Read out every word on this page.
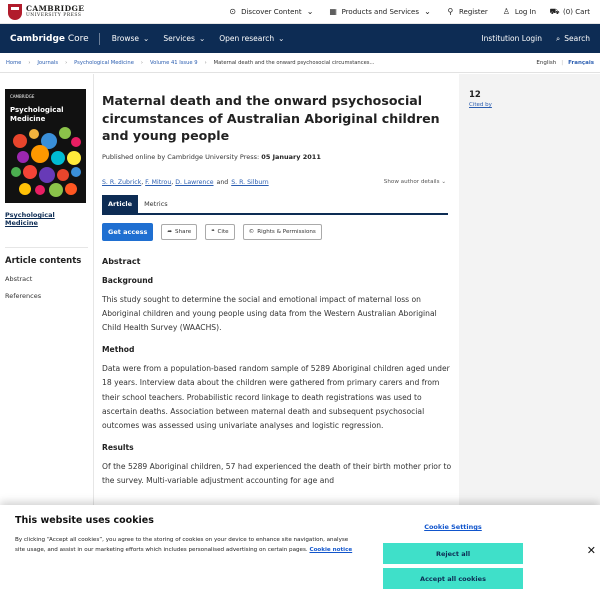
CAMBRIDGE
UNIVERSITY PRESS	⊙ Discover Content ⌄ ▦ Products and Services ⌄ ⚲ Register ♙ Log In ⛟ (0) Cart
Cambridge Core	Browse ⌄ Services ⌄ Open research ⌄	Institution Login ⌕ Search
Home › Journals › Psychological Medicine › Volume 41 Issue 9 › Maternal death and the onward psychosocial circumstances...	English | Français
CAMBRIDGE
Psychological
Medicine
Psychological Medicine
Article contents
Abstract
References
Maternal death and the onward psychosocial circumstances of Australian Aboriginal children and young people
Published online by Cambridge University Press: 05 January 2011
S. R. Zubrick , F. Mitrou , D. Lawrence and S. R. Silburn	Show author details ⌄
Article	Metrics
Get access	➦ Share	❝ Cite	© Rights & Permissions
Abstract
Background

This study sought to determine the social and emotional impact of maternal loss on Aboriginal children and young people using data from the Western Australian Aboriginal Child Health Survey (WAACHS).

Method

Data were from a population-based random sample of 5289 Aboriginal children aged under 18 years. Interview data about the children were gathered from primary carers and from their school teachers. Probabilistic record linkage to death registrations was used to ascertain deaths. Association between maternal death and subsequent psychosocial outcomes was assessed using univariate analyses and logistic regression.

Results

Of the 5289 Aboriginal children, 57 had experienced the death of their birth mother prior to the survey. Multi-variable adjustment accounting for age and

12
Cited by
This website uses cookies
By clicking “Accept all cookies”, you agree to the storing of cookies on your device to enhance site navigation, analyse site usage, and assist in our marketing efforts which includes personalised advertising on certain pages. Cookie notice
Cookie Settings
Reject all
Accept all cookies
✕
